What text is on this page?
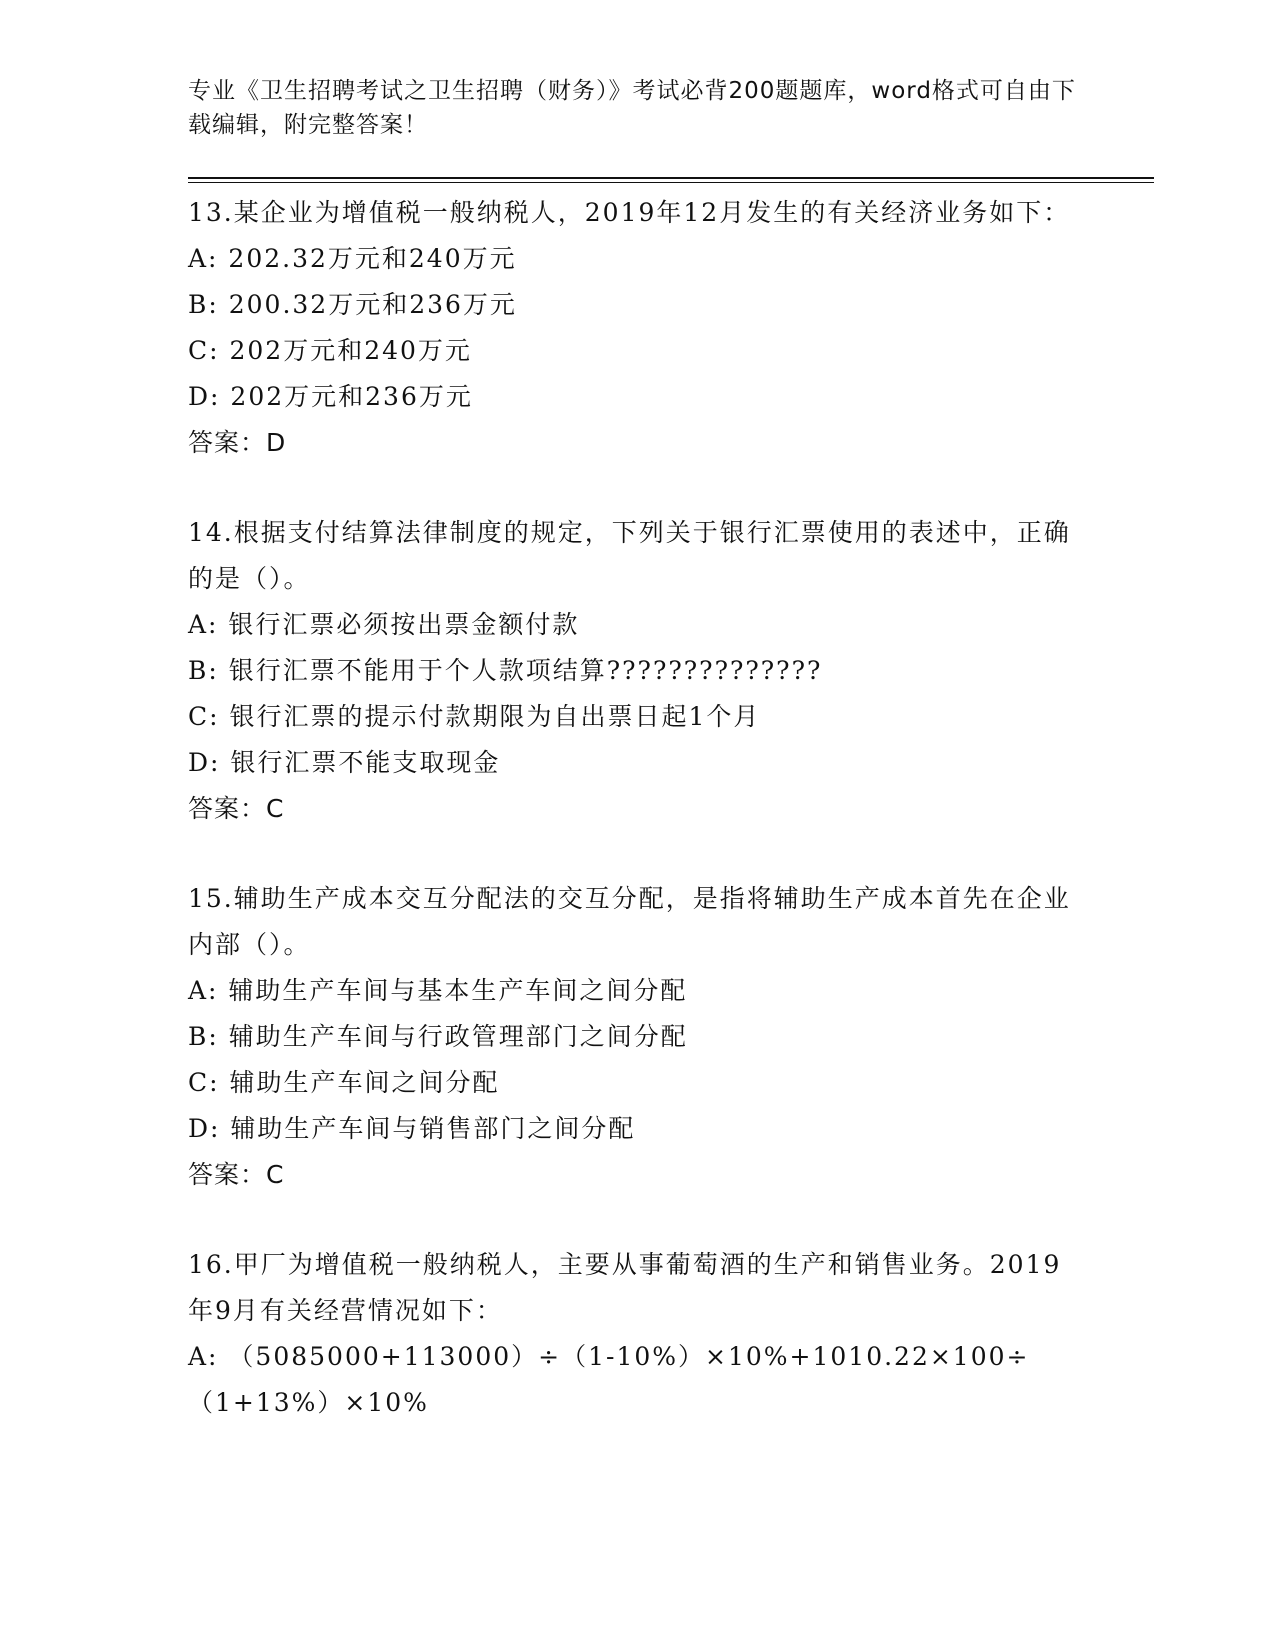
专业《卫生招聘考试之卫生招聘（财务）》考试必背200题题库，word格式可自由下载编辑，附完整答案！

13.某企业为增值税一般纳税人，2019年12月发生的有关经济业务如下：

A: 202.32万元和240万元

B: 200.32万元和236万元

C: 202万元和240万元

D: 202万元和236万元

答案：D

14.根据支付结算法律制度的规定，下列关于银行汇票使用的表述中，正确的是（）。

A: 银行汇票必须按出票金额付款

B: 银行汇票不能用于个人款项结算??????????????

C: 银行汇票的提示付款期限为自出票日起1个月

D: 银行汇票不能支取现金

答案：C

15.辅助生产成本交互分配法的交互分配，是指将辅助生产成本首先在企业内部（）。

A: 辅助生产车间与基本生产车间之间分配

B: 辅助生产车间与行政管理部门之间分配

C: 辅助生产车间之间分配

D: 辅助生产车间与销售部门之间分配

答案：C

16.甲厂为增值税一般纳税人，主要从事葡萄酒的生产和销售业务。2019年9月有关经营情况如下：

A: （5085000+113000）÷（1-10%）×10%+1010.22×100÷（1+13%）×10%
